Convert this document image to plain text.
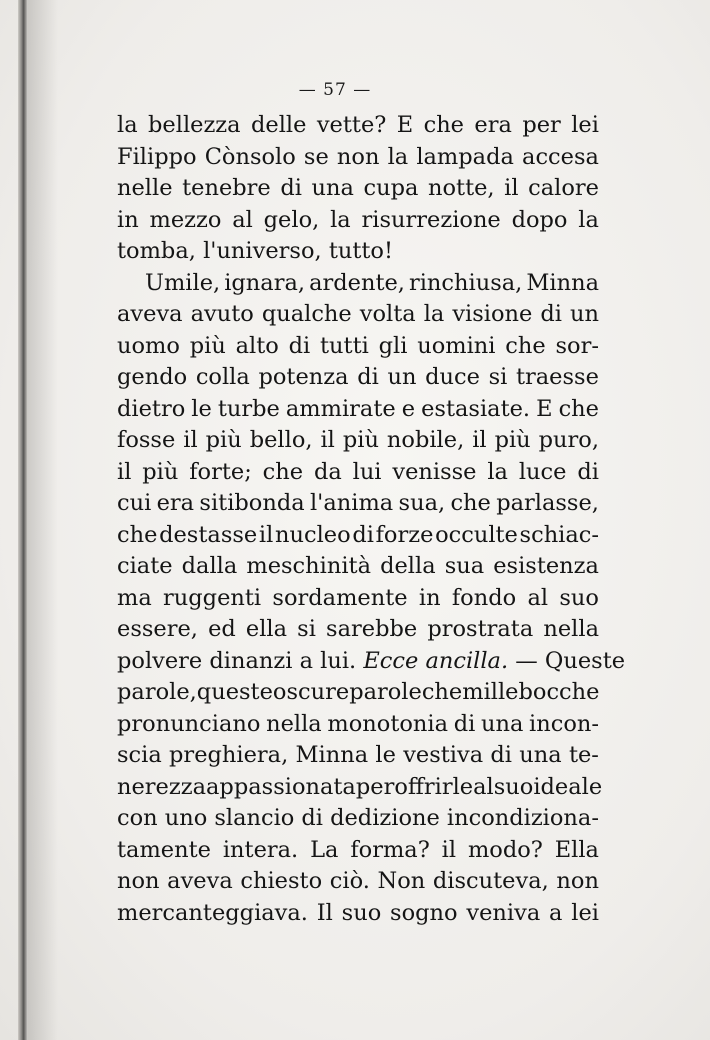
— 57 —
la bellezza delle vette? E che era per lei
Filippo Cònsolo se non la lampada accesa
nelle tenebre di una cupa notte, il calore
in mezzo al gelo, la risurrezione dopo la
tomba,
l'universo,
tutto!

Umile, ignara, ardente, rinchiusa, Minna
aveva avuto qualche volta la visione di un
uomo più alto di tutti gli uomini che sor-
gendo colla potenza di un duce si traesse
dietro le turbe ammirate e estasiate. E che
fosse il più bello, il più nobile, il più puro,
il più forte; che da lui venisse la luce di
cui era sitibonda l'anima sua, che parlasse,
che destasse il nucleo di forze occulte schiac-
ciate dalla meschinità della sua esistenza
ma ruggenti sordamente in fondo al suo
essere, ed ella si sarebbe prostrata nella
polvere dinanzi a lui. Ecce ancilla. — Queste
parole, queste oscure parole che mille bocche
pronunciano nella monotonia di una incon-
scia preghiera, Minna le vestiva di una te-
nerezza appassionata per offrirle al suo ideale
con uno slancio di dedizione incondiziona-
tamente intera. La forma? il modo? Ella
non aveva chiesto ciò. Non discuteva, non
mercanteggiava. Il suo sogno veniva a lei
